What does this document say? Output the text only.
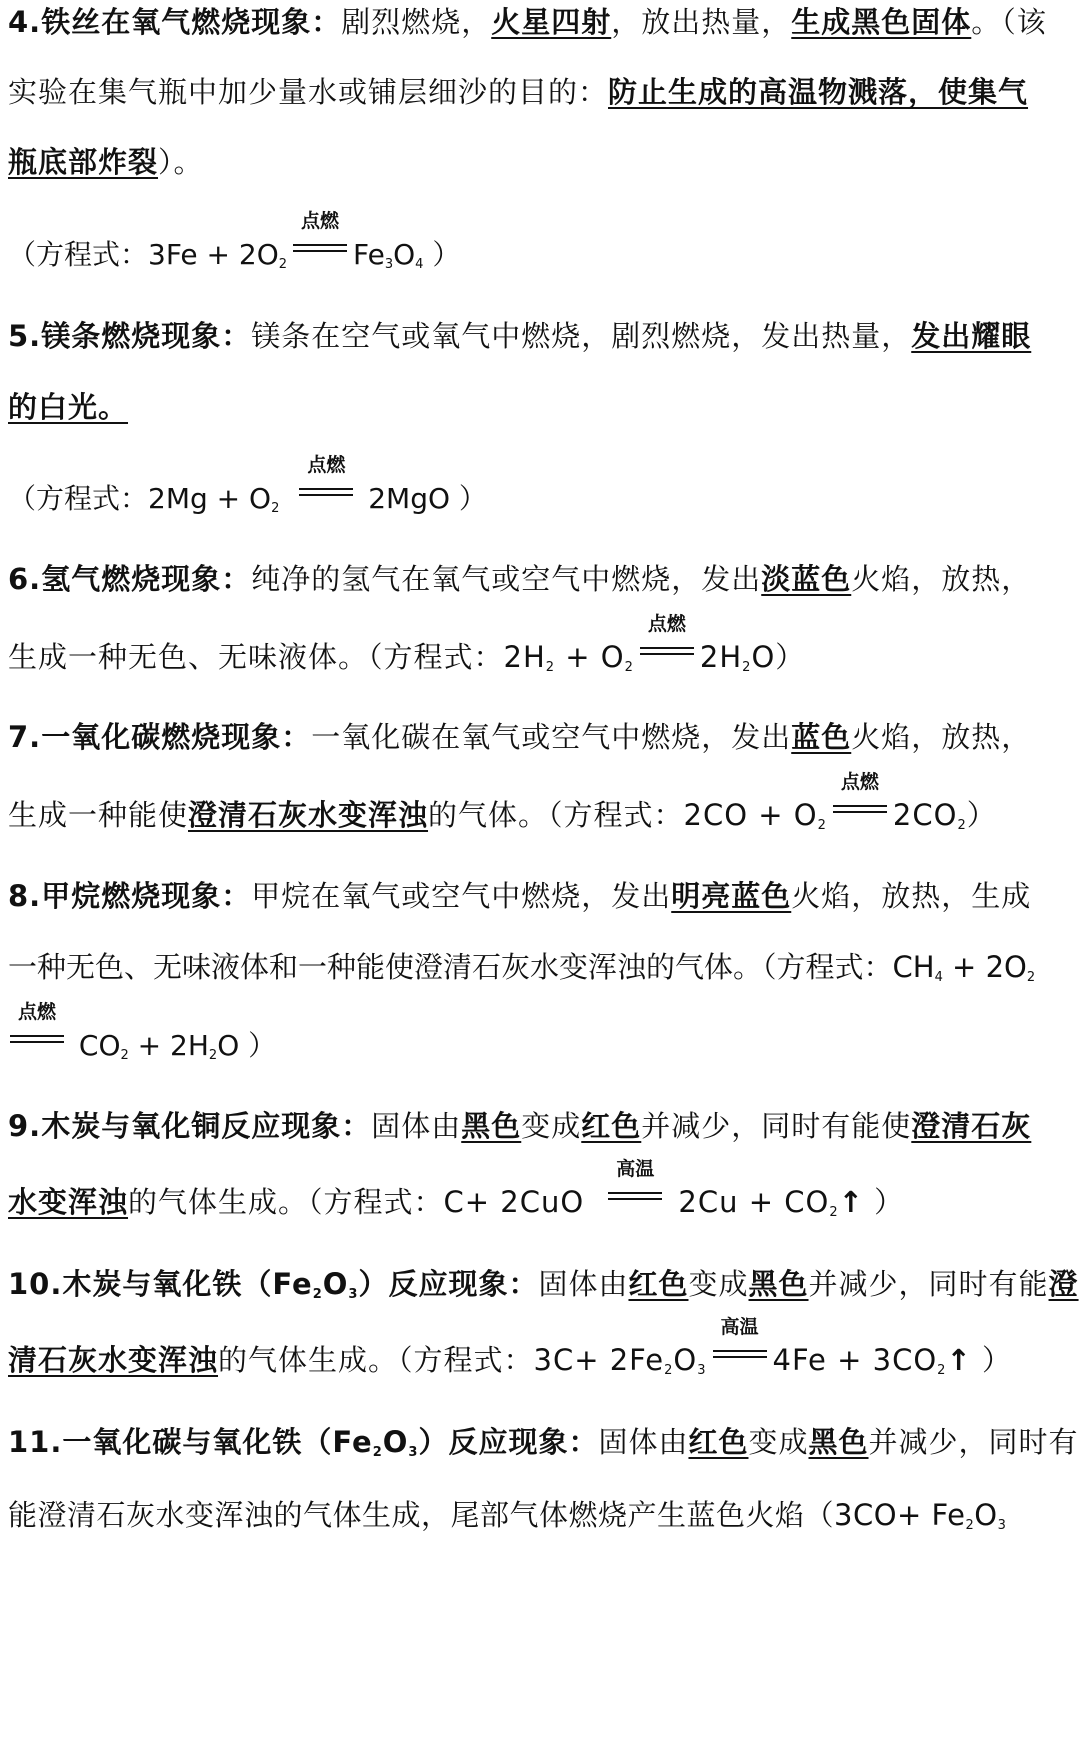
4.铁丝在氧气燃烧现象：剧烈燃烧，火星四射，放出热量，生成黑色固体。（该
实验在集气瓶中加少量水或铺层细沙的目的：防止生成的高温物溅落，使集气
瓶底部炸裂）。
（方程式：$3Fe + 2O_2$
点燃
$Fe_3O_4$ ）
5.镁条燃烧现象：镁条在空气或氧气中燃烧，剧烈燃烧，发出热量，发出耀眼
的白光。
（方程式：$2Mg + O_2$
点燃
2MgO ）
6.氢气燃烧现象：纯净的氢气在氧气或空气中燃烧，发出淡蓝色火焰，放热，
生成一种无色、无味液体。（方程式：$2H_2 + O_2$
点燃
$2H_2O$）
7.一氧化碳燃烧现象：一氧化碳在氧气或空气中燃烧，发出蓝色火焰，放热，
生成一种能使澄清石灰水变浑浊的气体。（方程式：$2CO + O_2$
点燃
$2CO_2$）
8.甲烷燃烧现象：甲烷在氧气或空气中燃烧，发出明亮蓝色火焰，放热，生成
一种无色、无味液体和一种能使澄清石灰水变浑浊的气体。（方程式：$CH_4 + 2O_2$
点燃
$CO_2 + 2H_2O$ ）
9.木炭与氧化铜反应现象：固体由黑色变成红色并减少，同时有能使澄清石灰
水变浑浊的气体生成。（方程式：C+ 2CuO
高温
$2Cu + CO_2↑$ ）
10.木炭与氧化铁$(Fe_2O_3)$反应现象：固体由红色变成黑色并减少，同时有能澄
清石灰水变浑浊的气体生成。（方程式：$3C+ 2Fe_2O_3$
高温
$4Fe + 3CO_2↑$ ）
11.一氧化碳与氧化铁$(Fe_2O_3)$反应现象：固体由红色变成黑色并减少，同时有
能澄清石灰水变浑浊的气体生成，尾部气体燃烧产生蓝色火焰（$3CO+ Fe_2O_3$
